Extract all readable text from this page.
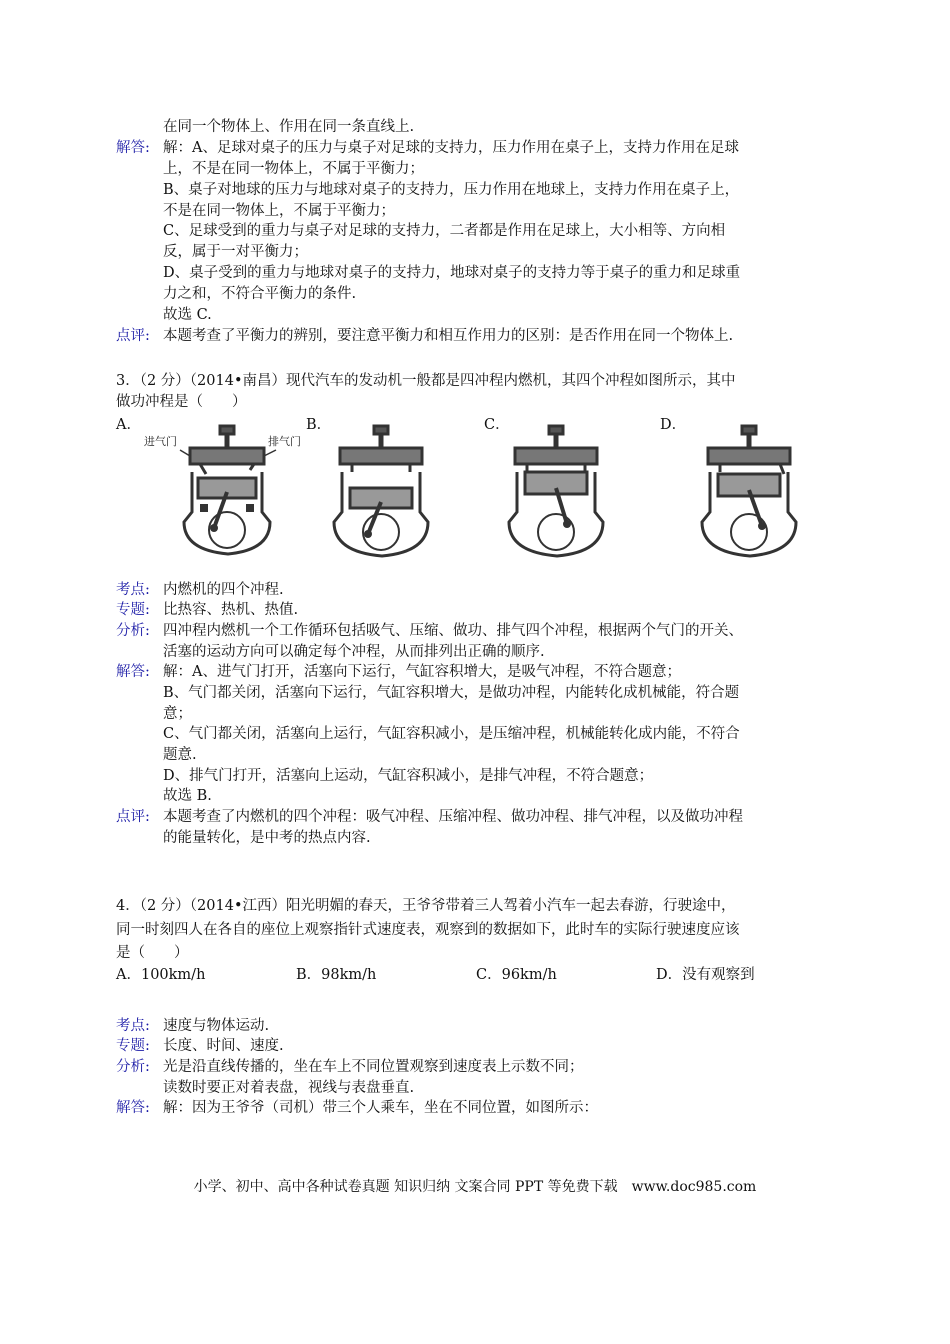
在同一个物体上、作用在同一条直线上.
解答: 解：A、足球对桌子的压力与桌子对足球的支持力，压力作用在桌子上，支持力作用在足球
上，不是在同一物体上，不属于平衡力；
B、桌子对地球的压力与地球对桌子的支持力，压力作用在地球上，支持力作用在桌子上，
不是在同一物体上，不属于平衡力；
C、足球受到的重力与桌子对足球的支持力，二者都是作用在足球上，大小相等、方向相
反，属于一对平衡力；
D、桌子受到的重力与地球对桌子的支持力，地球对桌子的支持力等于桌子的重力和足球重
力之和，不符合平衡力的条件.
故选 C.
点评: 本题考查了平衡力的辨别，要注意平衡力和相互作用力的区别：是否作用在同一个物体上.
3．（2 分）（2014•南昌）现代汽车的发动机一般都是四冲程内燃机，其四个冲程如图所示，其中
做功冲程是（　　）
A．	B．	C．	D．
进气门	排气门
考点: 内燃机的四个冲程.
专题: 比热容、热机、热值.
分析: 四冲程内燃机一个工作循环包括吸气、压缩、做功、排气四个冲程，根据两个气门的开关、
活塞的运动方向可以确定每个冲程，从而排列出正确的顺序.
解答: 解：A、进气门打开，活塞向下运行，气缸容积增大，是吸气冲程，不符合题意；
B、气门都关闭，活塞向下运行，气缸容积增大，是做功冲程，内能转化成机械能，符合题
意；
C、气门都关闭，活塞向上运行，气缸容积减小，是压缩冲程，机械能转化成内能，不符合
题意.
D、排气门打开，活塞向上运动，气缸容积减小，是排气冲程，不符合题意；
故选 B.
点评: 本题考查了内燃机的四个冲程：吸气冲程、压缩冲程、做功冲程、排气冲程，以及做功冲程
的能量转化，是中考的热点内容.
4．（2 分）（2014•江西）阳光明媚的春天，王爷爷带着三人驾着小汽车一起去春游，行驶途中，
同一时刻四人在各自的座位上观察指针式速度表，观察到的数据如下，此时车的实际行驶速度应该
是（　　）
A．100km/h	B．98km/h	C．96km/h	D．没有观察到
考点: 速度与物体运动.
专题: 长度、时间、速度.
分析: 光是沿直线传播的，坐在车上不同位置观察到速度表上示数不同；
读数时要正对着表盘，视线与表盘垂直.
解答: 解：因为王爷爷（司机）带三个人乘车，坐在不同位置，如图所示：
小学、初中、高中各种试卷真题 知识归纳 文案合同 PPT 等免费下载　www.doc985.com
